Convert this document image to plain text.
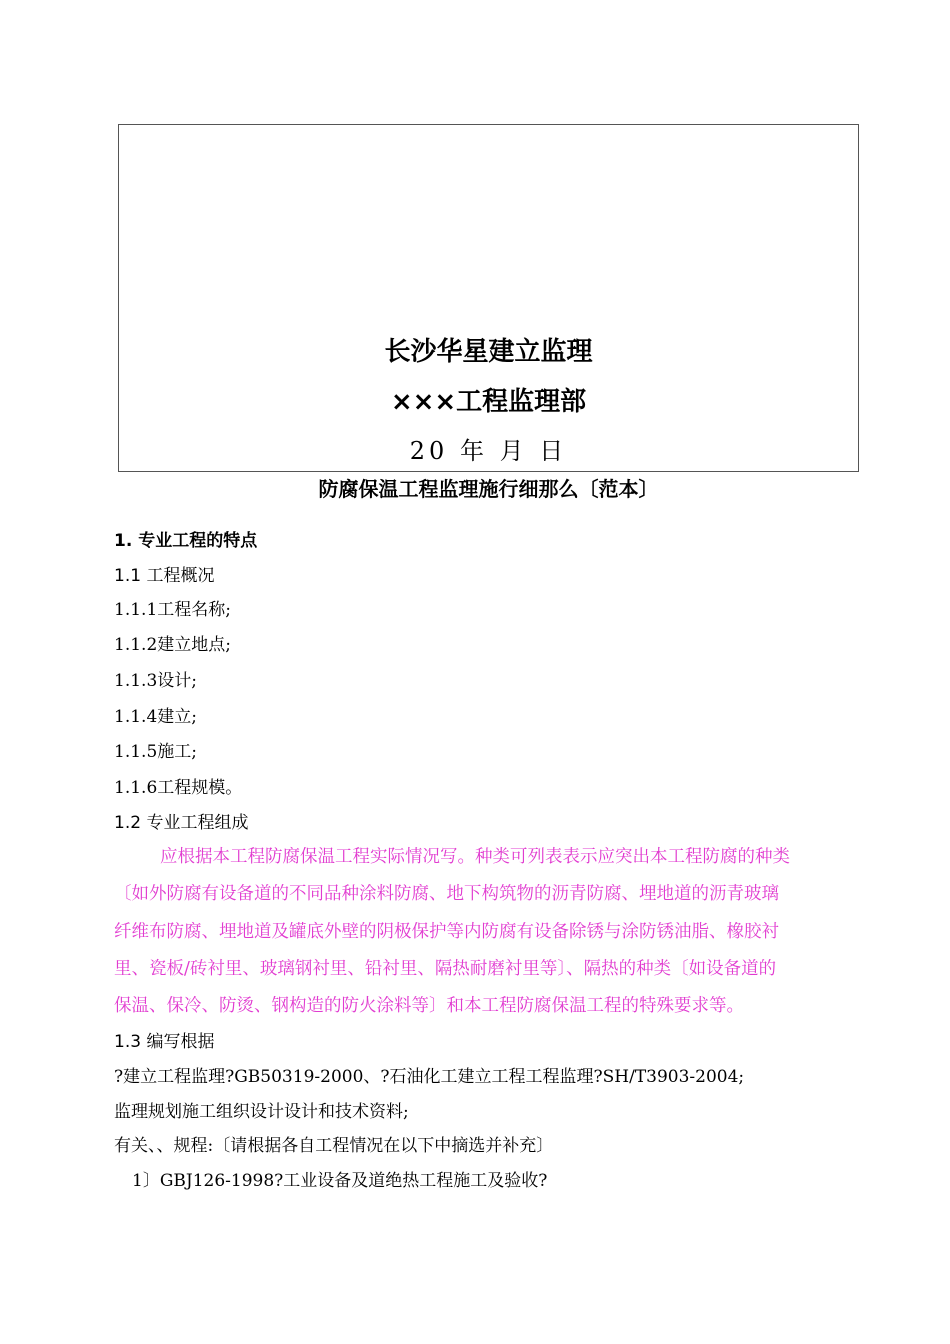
长沙华星建立监理
×××工程监理部
20 年 月 日
防腐保温工程监理施行细那么〔范本〕
1. 专业工程的特点
1.1 工程概况
1.1.1工程名称;
1.1.2建立地点;
1.1.3设计;
1.1.4建立;
1.1.5施工;
1.1.6工程规模。
1.2 专业工程组成
应根据本工程防腐保温工程实际情况写。种类可列表表示应突出本工程防腐的种类
〔如外防腐有设备道的不同品种涂料防腐、地下构筑物的沥青防腐、埋地道的沥青玻璃
纤维布防腐、埋地道及罐底外壁的阴极保护等内防腐有设备除锈与涂防锈油脂、橡胶衬
里、瓷板/砖衬里、玻璃钢衬里、铅衬里、隔热耐磨衬里等〕、隔热的种类〔如设备道的
保温、保冷、防烫、钢构造的防火涂料等〕和本工程防腐保温工程的特殊要求等。
1.3 编写根据
?建立工程监理?GB50319-2000、?石油化工建立工程工程监理?SH/T3903-2004;
监理规划施工组织设计设计和技术资料;
有关、、规程:〔请根据各自工程情况在以下中摘选并补充〕
1〕GBJ126-1998?工业设备及道绝热工程施工及验收?
